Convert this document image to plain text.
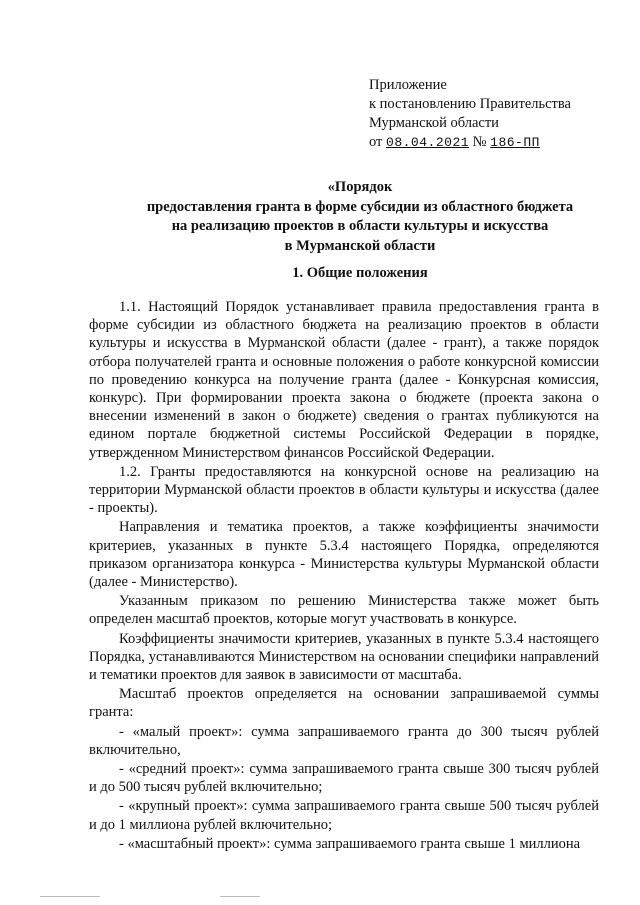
Приложение
к постановлению Правительства
Мурманской области
от 08.04.2021 № 186-ПП
«Порядок
предоставления гранта в форме субсидии из областного бюджета
на реализацию проектов в области культуры и искусства
в Мурманской области
1. Общие положения

1.1. Настоящий Порядок устанавливает правила предоставления гранта в форме субсидии из областного бюджета на реализацию проектов в области культуры и искусства в Мурманской области (далее - грант), а также порядок отбора получателей гранта и основные положения о работе конкурсной комиссии по проведению конкурса на получение гранта (далее - Конкурсная комиссия, конкурс). При формировании проекта закона о бюджете (проекта закона о внесении изменений в закон о бюджете) сведения о грантах публикуются на едином портале бюджетной системы Российской Федерации в порядке, утвержденном Министерством финансов Российской Федерации.

1.2. Гранты предоставляются на конкурсной основе на реализацию на территории Мурманской области проектов в области культуры и искусства (далее - проекты).

Направления и тематика проектов, а также коэффициенты значимости критериев, указанных в пункте 5.3.4 настоящего Порядка, определяются приказом организатора конкурса - Министерства культуры Мурманской области (далее - Министерство).

Указанным приказом по решению Министерства также может быть определен масштаб проектов, которые могут участвовать в конкурсе.

Коэффициенты значимости критериев, указанных в пункте 5.3.4 настоящего Порядка, устанавливаются Министерством на основании специфики направлений и тематики проектов для заявок в зависимости от масштаба.

Масштаб проектов определяется на основании запрашиваемой суммы гранта:

- «малый проект»: сумма запрашиваемого гранта до 300 тысяч рублей включительно,

- «средний проект»: сумма запрашиваемого гранта свыше 300 тысяч рублей и до 500 тысяч рублей включительно;

- «крупный проект»: сумма запрашиваемого гранта свыше 500 тысяч рублей и до 1 миллиона рублей включительно;

- «масштабный проект»: сумма запрашиваемого гранта свыше 1 миллиона
